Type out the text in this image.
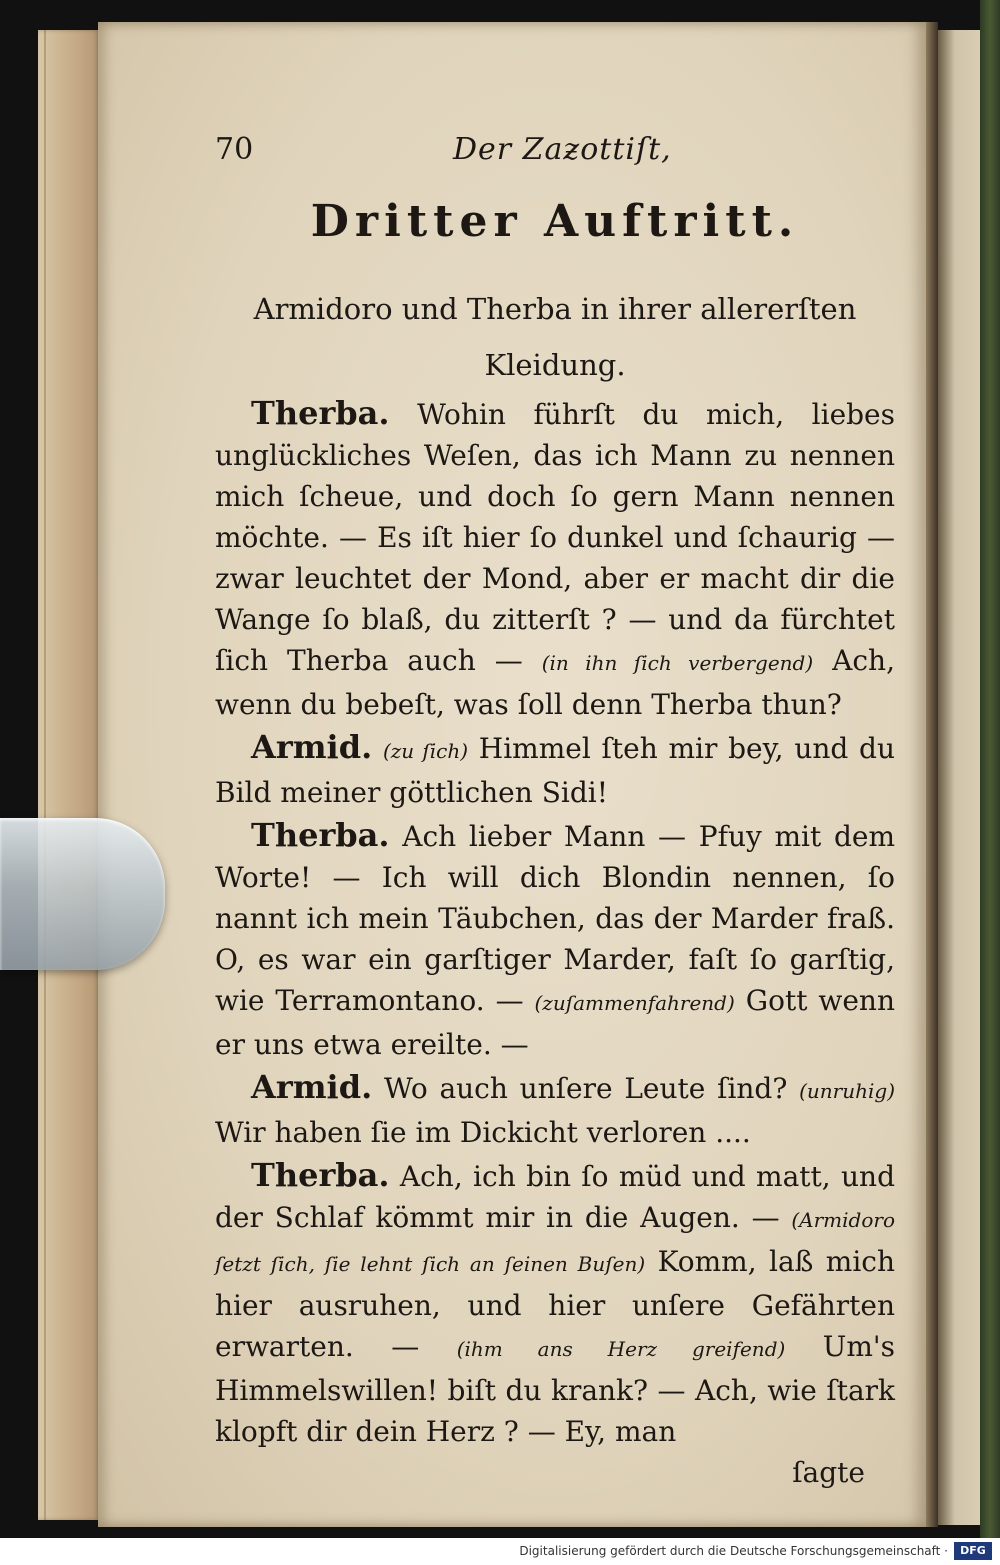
70	Der Zaƶottiſt,
Dritter Auftritt.
Armidoro und Therba in ihrer allererſten Kleidung.

Therba. Wohin führſt du mich, liebes unglückliches Weſen, das ich Mann zu nennen mich ſcheue, und doch ſo gern Mann nennen möchte. — Es iſt hier ſo dunkel und ſchaurig — zwar leuchtet der Mond, aber er macht dir die Wange ſo blaß, du zitterſt ? — und da fürchtet ſich Therba auch — (in ihn ſich verbergend) Ach, wenn du bebeſt, was ſoll denn Therba thun?

Armid. (zu ſich) Himmel ſteh mir bey, und du Bild meiner göttlichen Sidi!

Therba. Ach lieber Mann — Pfuy mit dem Worte! — Ich will dich Blondin nennen, ſo nannt ich mein Täubchen, das der Marder fraß. O, es war ein garſtiger Marder, faſt ſo garſtig, wie Terramontano. — (zuſammenfahrend) Gott wenn er uns etwa ereilte. —

Armid. Wo auch unſere Leute ſind? (unruhig) Wir haben ſie im Dickicht verloren ....

Therba. Ach, ich bin ſo müd und matt, und der Schlaf kömmt mir in die Augen. — (Armidoro ſetzt ſich, ſie lehnt ſich an ſeinen Buſen) Komm, laß mich hier ausruhen, und hier unſere Gefährten erwarten. — (ihm ans Herz greifend) Um's Himmelswillen! biſt du krank? — Ach, wie ſtark klopft dir dein Herz ? — Ey, man

ſagte
Digitalisierung gefördert durch die Deutsche Forschungsgemeinschaft ·	DFG
